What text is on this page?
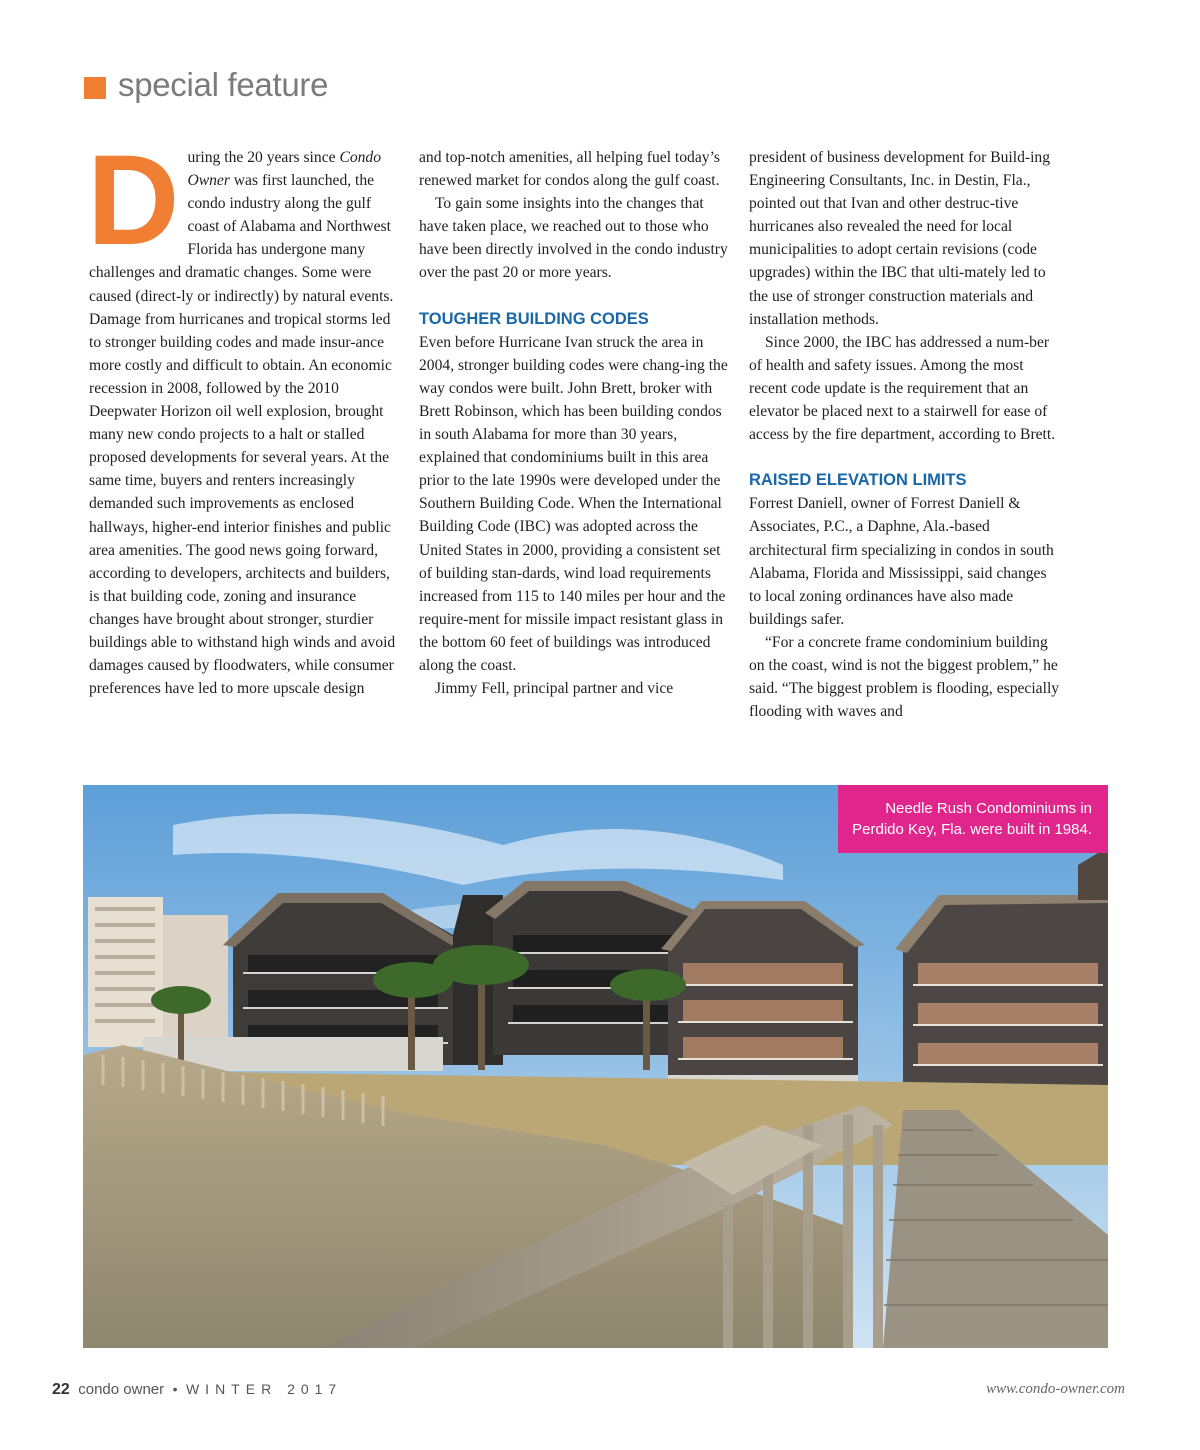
special feature
D uring the 20 years since Condo Owner was first launched, the condo industry along the gulf coast of Alabama and Northwest Florida has undergone many challenges and dramatic changes. Some were caused (direct-ly or indirectly) by natural events. Damage from hurricanes and tropical storms led to stronger building codes and made insur-ance more costly and difficult to obtain. An economic recession in 2008, followed by the 2010 Deepwater Horizon oil well explosion, brought many new condo projects to a halt or stalled proposed developments for several years. At the same time, buyers and renters increasingly demanded such improvements as enclosed hallways, higher-end interior finishes and public area amenities. The good news going forward, according to developers, architects and builders, is that building code, zoning and insurance changes have brought about stronger, sturdier buildings able to withstand high winds and avoid damages caused by floodwaters, while consumer preferences have led to more upscale design

and top-notch amenities, all helping fuel today’s renewed market for condos along the gulf coast.

To gain some insights into the changes that have taken place, we reached out to those who have been directly involved in the condo industry over the past 20 or more years.

TOUGHER BUILDING CODES

Even before Hurricane Ivan struck the area in 2004, stronger building codes were chang-ing the way condos were built. John Brett, broker with Brett Robinson, which has been building condos in south Alabama for more than 30 years, explained that condominiums built in this area prior to the late 1990s were developed under the Southern Building Code. When the International Building Code (IBC) was adopted across the United States in 2000, providing a consistent set of building stan-dards, wind load requirements increased from 115 to 140 miles per hour and the require-ment for missile impact resistant glass in the bottom 60 feet of buildings was introduced along the coast.

Jimmy Fell, principal partner and vice

president of business development for Build-ing Engineering Consultants, Inc. in Destin, Fla., pointed out that Ivan and other destruc-tive hurricanes also revealed the need for local municipalities to adopt certain revisions (code upgrades) within the IBC that ulti-mately led to the use of stronger construction materials and installation methods.

Since 2000, the IBC has addressed a num-ber of health and safety issues. Among the most recent code update is the requirement that an elevator be placed next to a stairwell for ease of access by the fire department, according to Brett.

RAISED ELEVATION LIMITS

Forrest Daniell, owner of Forrest Daniell & Associates, P.C., a Daphne, Ala.-based architectural firm specializing in condos in south Alabama, Florida and Mississippi, said changes to local zoning ordinances have also made buildings safer.

“For a concrete frame condominium building on the coast, wind is not the biggest problem,” he said. “The biggest problem is flooding, especially flooding with waves and

Needle Rush Condominiums in
Perdido Key, Fla. were built in 1984.
22 condo owner • WINTER 2017	www.condo-owner.com
